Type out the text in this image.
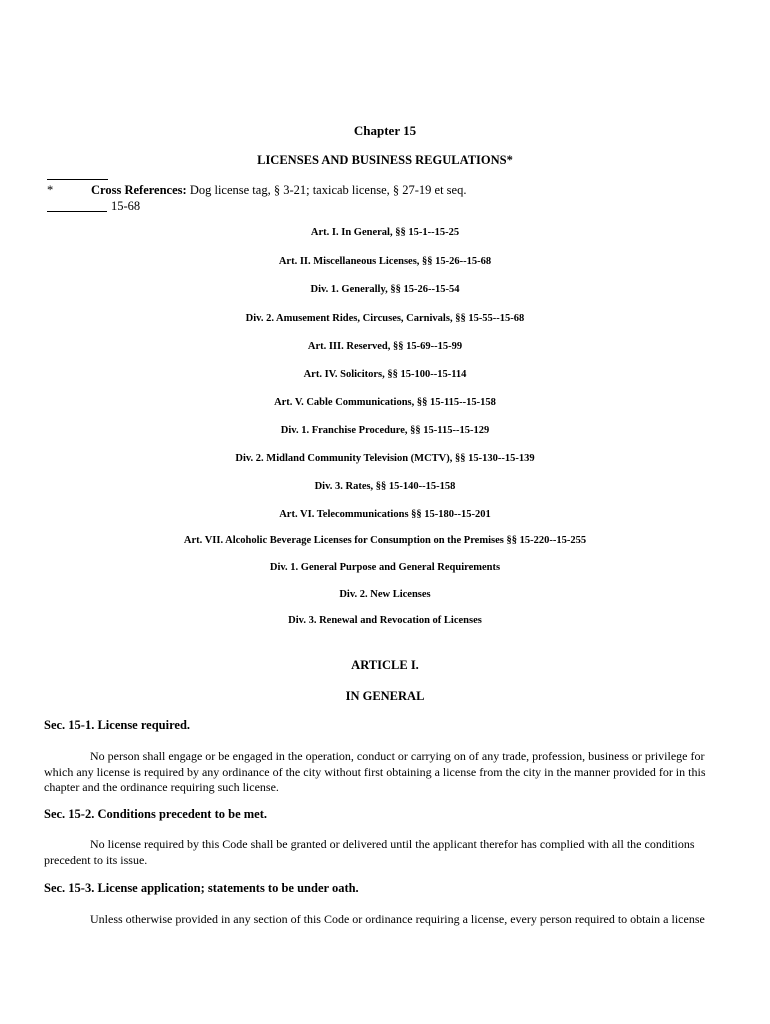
Chapter 15
LICENSES AND BUSINESS REGULATIONS*
*	Cross References: Dog license tag, § 3-21; taxicab license, § 27-19 et seq.
15-68
Art. I. In General, §§ 15-1--15-25
Art. II. Miscellaneous Licenses, §§ 15-26--15-68
Div. 1. Generally, §§ 15-26--15-54
Div. 2. Amusement Rides, Circuses, Carnivals, §§ 15-55--15-68
Art. III. Reserved, §§ 15-69--15-99
Art. IV. Solicitors, §§ 15-100--15-114
Art. V. Cable Communications, §§ 15-115--15-158
Div. 1. Franchise Procedure, §§ 15-115--15-129
Div. 2. Midland Community Television (MCTV), §§ 15-130--15-139
Div. 3. Rates, §§ 15-140--15-158
Art. VI. Telecommunications §§ 15-180--15-201
Art. VII. Alcoholic Beverage Licenses for Consumption on the Premises §§ 15-220--15-255
Div. 1. General Purpose and General Requirements
Div. 2. New Licenses
Div. 3. Renewal and Revocation of Licenses
ARTICLE I.
IN GENERAL
Sec. 15-1. License required.
No person shall engage or be engaged in the operation, conduct or carrying on of any trade, profession, business or privilege for which any license is required by any ordinance of the city without first obtaining a license from the city in the manner provided for in this chapter and the ordinance requiring such license.
Sec. 15-2. Conditions precedent to be met.
No license required by this Code shall be granted or delivered until the applicant therefor has complied with all the conditions precedent to its issue.
Sec. 15-3. License application; statements to be under oath.
Unless otherwise provided in any section of this Code or ordinance requiring a license, every person required to obtain a license
